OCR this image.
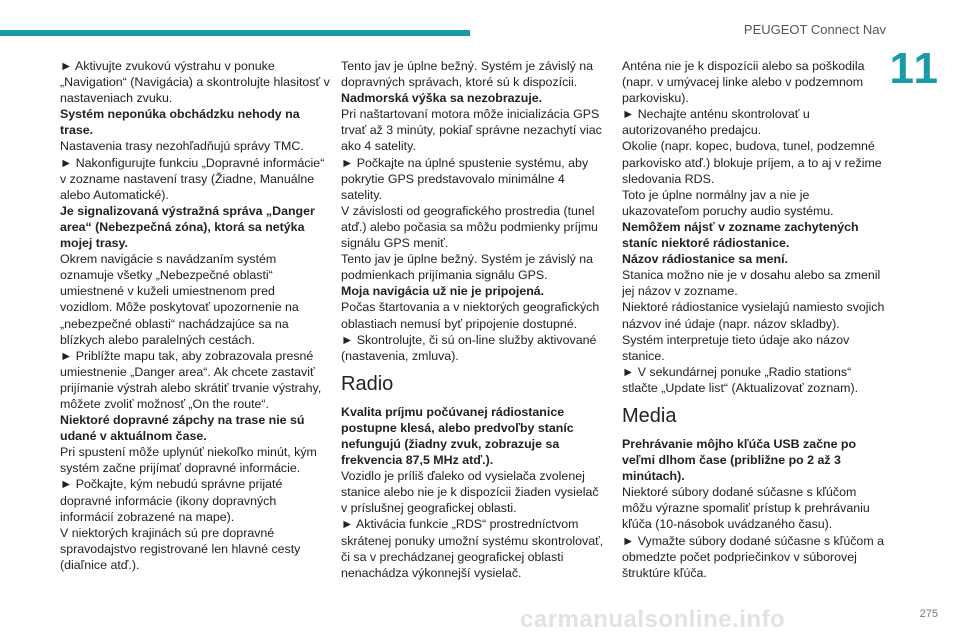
PEUGEOT Connect Nav
11

► Aktivujte zvukovú výstrahu v ponuke „Navigation“ (Navigácia) a skontrolujte hlasitosť v nastaveniach zvuku.

Systém neponúka obchádzku nehody na trase.

Nastavenia trasy nezohľadňujú správy TMC.

► Nakonfigurujte funkciu „Dopravné informácie“ v zozname nastavení trasy (Žiadne, Manuálne alebo Automatické).

Je signalizovaná výstražná správa „Danger area“ (Nebezpečná zóna), ktorá sa netýka mojej trasy.

Okrem navigácie s navádzaním systém oznamuje všetky „Nebezpečné oblasti“ umiestnené v kuželi umiestnenom pred vozidlom. Môže poskytovať upozornenie na „nebezpečné oblasti“ nachádzajúce sa na blízkych alebo paralelných cestách.

► Priblížte mapu tak, aby zobrazovala presné umiestnenie „Danger area“. Ak chcete zastaviť prijímanie výstrah alebo skrátiť trvanie výstrahy, môžete zvoliť možnosť „On the route“.

Niektoré dopravné zápchy na trase nie sú udané v aktuálnom čase.

Pri spustení môže uplynúť niekoľko minút, kým systém začne prijímať dopravné informácie.

► Počkajte, kým nebudú správne prijaté dopravné informácie (ikony dopravných informácií zobrazené na mape).

V niektorých krajinách sú pre dopravné spravodajstvo registrované len hlavné cesty (diaľnice atď.).

Tento jav je úplne bežný. Systém je závislý na dopravných správach, ktoré sú k dispozícii.

Nadmorská výška sa nezobrazuje.

Pri naštartovaní motora môže inicializácia GPS trvať až 3 minúty, pokiaľ správne nezachytí viac ako 4 satelity.

► Počkajte na úplné spustenie systému, aby pokrytie GPS predstavovalo minimálne 4 satelity.

V závislosti od geografického prostredia (tunel atď.) alebo počasia sa môžu podmienky príjmu signálu GPS meniť.

Tento jav je úplne bežný. Systém je závislý na podmienkach prijímania signálu GPS.

Moja navigácia už nie je pripojená.

Počas štartovania a v niektorých geografických oblastiach nemusí byť pripojenie dostupné.

► Skontrolujte, či sú on-line služby aktivované (nastavenia, zmluva).

Radio

Kvalita príjmu počúvanej rádiostanice postupne klesá, alebo predvoľby staníc nefungujú (žiadny zvuk, zobrazuje sa frekvencia 87,5 MHz atď.).

Vozidlo je príliš ďaleko od vysielača zvolenej stanice alebo nie je k dispozícii žiaden vysielač v príslušnej geografickej oblasti.

► Aktivácia funkcie „RDS“ prostredníctvom skrátenej ponuky umožní systému skontrolovať, či sa v prechádzanej geografickej oblasti nenachádza výkonnejší vysielač.

Anténa nie je k dispozícii alebo sa poškodila (napr. v umývacej linke alebo v podzemnom parkovisku).

► Nechajte anténu skontrolovať u autorizovaného predajcu.

Okolie (napr. kopec, budova, tunel, podzemné parkovisko atď.) blokuje príjem, a to aj v režime sledovania RDS.

Toto je úplne normálny jav a nie je ukazovateľom poruchy audio systému.

Nemôžem nájsť v zozname zachytených staníc niektoré rádiostanice.

Názov rádiostanice sa mení.

Stanica možno nie je v dosahu alebo sa zmenil jej názov v zozname.

Niektoré rádiostanice vysielajú namiesto svojich názvov iné údaje (napr. názov skladby).

Systém interpretuje tieto údaje ako názov stanice.

► V sekundárnej ponuke „Radio stations“ stlačte „Update list“ (Aktualizovať zoznam).

Media

Prehrávanie môjho kľúča USB začne po veľmi dlhom čase (približne po 2 až 3 minútach).

Niektoré súbory dodané súčasne s kľúčom môžu výrazne spomaliť prístup k prehrávaniu kľúča (10-násobok uvádzaného času).

► Vymažte súbory dodané súčasne s kľúčom a obmedzte počet podpriečinkov v súborovej štruktúre kľúča.

carmanualsonline.info	275
